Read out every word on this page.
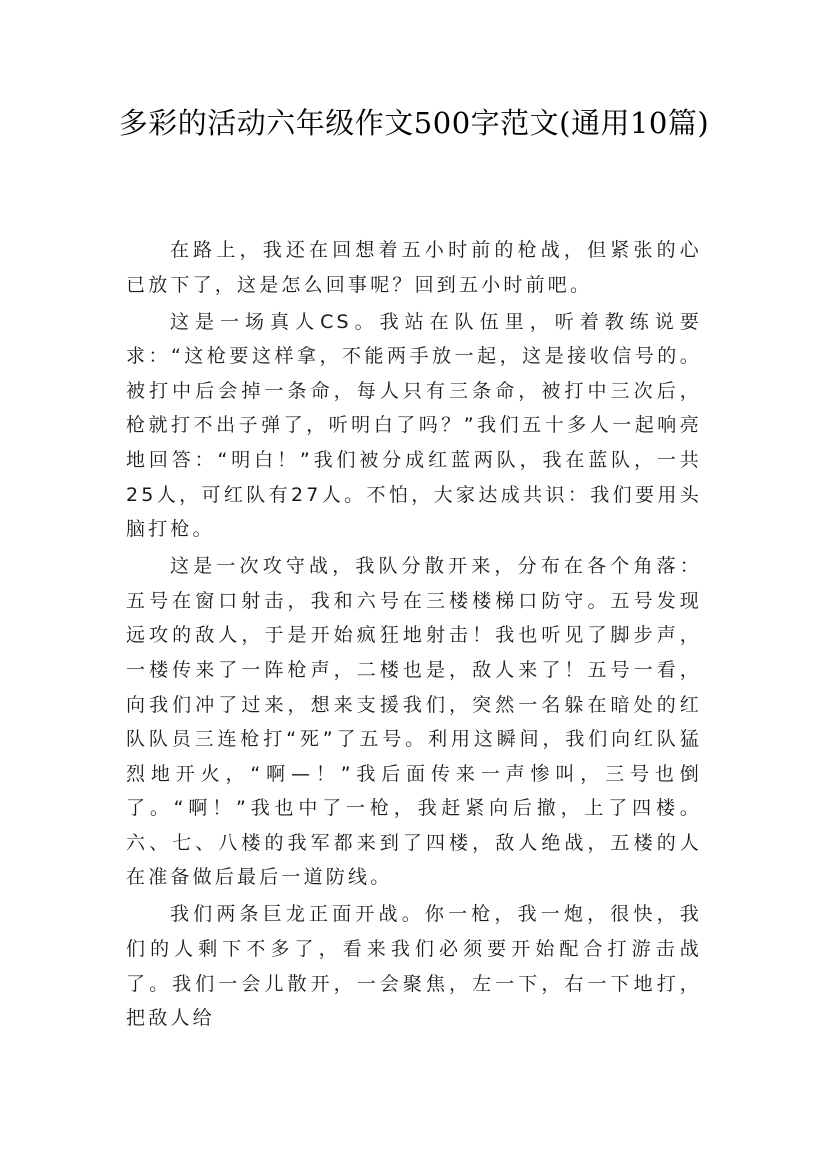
多彩的活动六年级作文500字范文(通用10篇)

在路上，我还在回想着五小时前的枪战，但紧张的心已放下了，这是怎么回事呢？回到五小时前吧。

这是一场真人CS。我站在队伍里，听着教练说要求：“这枪要这样拿，不能两手放一起，这是接收信号的。被打中后会掉一条命，每人只有三条命，被打中三次后，枪就打不出子弹了，听明白了吗？”我们五十多人一起响亮地回答：“明白！”我们被分成红蓝两队，我在蓝队，一共25人，可红队有27人。不怕，大家达成共识：我们要用头脑打枪。

这是一次攻守战，我队分散开来，分布在各个角落：五号在窗口射击，我和六号在三楼楼梯口防守。五号发现远攻的敌人，于是开始疯狂地射击！我也听见了脚步声，一楼传来了一阵枪声，二楼也是，敌人来了！五号一看，向我们冲了过来，想来支援我们，突然一名躲在暗处的红队队员三连枪打“死”了五号。利用这瞬间，我们向红队猛烈地开火，“啊—！”我后面传来一声惨叫，三号也倒了。“啊！”我也中了一枪，我赶紧向后撤，上了四楼。六、七、八楼的我军都来到了四楼，敌人绝战，五楼的人在准备做后最后一道防线。

我们两条巨龙正面开战。你一枪，我一炮，很快，我们的人剩下不多了，看来我们必须要开始配合打游击战了。我们一会儿散开，一会聚焦，左一下，右一下地打，把敌人给
